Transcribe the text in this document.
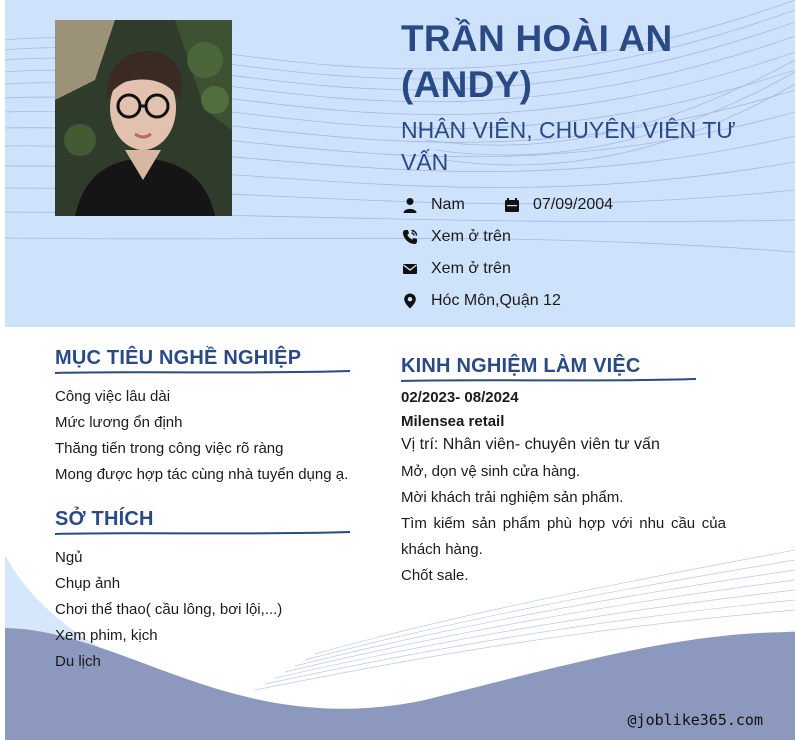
TRẦN HOÀI AN (ANDY)
NHÂN VIÊN, CHUYÊN VIÊN TƯ VẤN
Nam	07/09/2004
Xem ở trên
Xem ở trên
Hóc Môn,Quận 12
MỤC TIÊU NGHỀ NGHIỆP
Công việc lâu dài
Mức lương ổn định
Thăng tiến trong công việc rõ ràng
Mong được hợp tác cùng nhà tuyển dụng ạ.
SỞ THÍCH
Ngủ
Chụp ảnh
Chơi thể thao( cầu lông, bơi lội,...)
Xem phim, kịch
Du lịch
KINH NGHIỆM LÀM VIỆC
02/2023- 08/2024
Milensea retail
Vị trí: Nhân viên- chuyên viên tư vấn
Mở, dọn vệ sinh cửa hàng.
Mời khách trải nghiệm sản phẩm.
Tìm kiếm sản phẩm phù hợp với nhu cầu của khách hàng.
Chốt sale.
@joblike365.com
